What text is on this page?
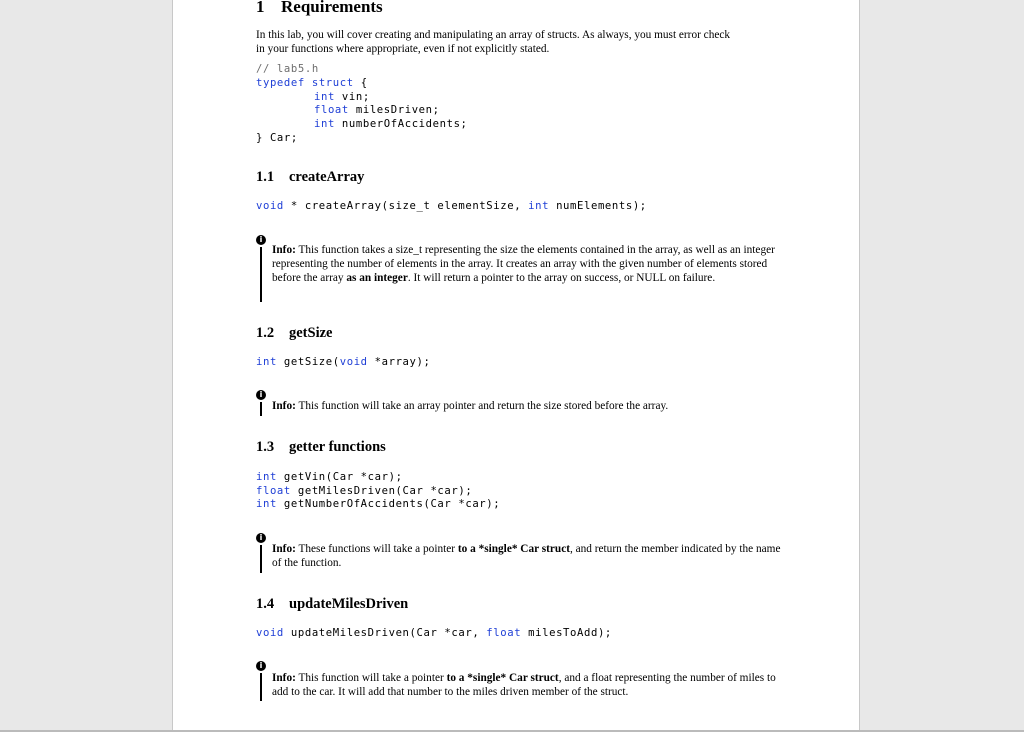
1 Requirements
In this lab, you will cover creating and manipulating an array of structs. As always, you must error check
in your functions where appropriate, even if not explicitly stated.
// lab5.h
typedef struct {
int vin;
float milesDriven;
int numberOfAccidents;
} Car;
1.1 createArray
void * createArray(size_t elementSize, int numElements);
i
Info: This function takes a size_t representing the size the elements contained in the array, as well as an integer representing the number of elements in the array. It creates an array with the given number of elements stored before the array as an integer. It will return a pointer to the array on success, or NULL on failure.
1.2 getSize
int getSize(void *array);
i
Info: This function will take an array pointer and return the size stored before the array.
1.3 getter functions
int getVin(Car *car);
float getMilesDriven(Car *car);
int getNumberOfAccidents(Car *car);
i
Info: These functions will take a pointer to a *single* Car struct, and return the member indicated by the name of the function.
1.4 updateMilesDriven
void updateMilesDriven(Car *car, float milesToAdd);
i
Info: This function will take a pointer to a *single* Car struct, and a float representing the number of miles to add to the car. It will add that number to the miles driven member of the struct.
